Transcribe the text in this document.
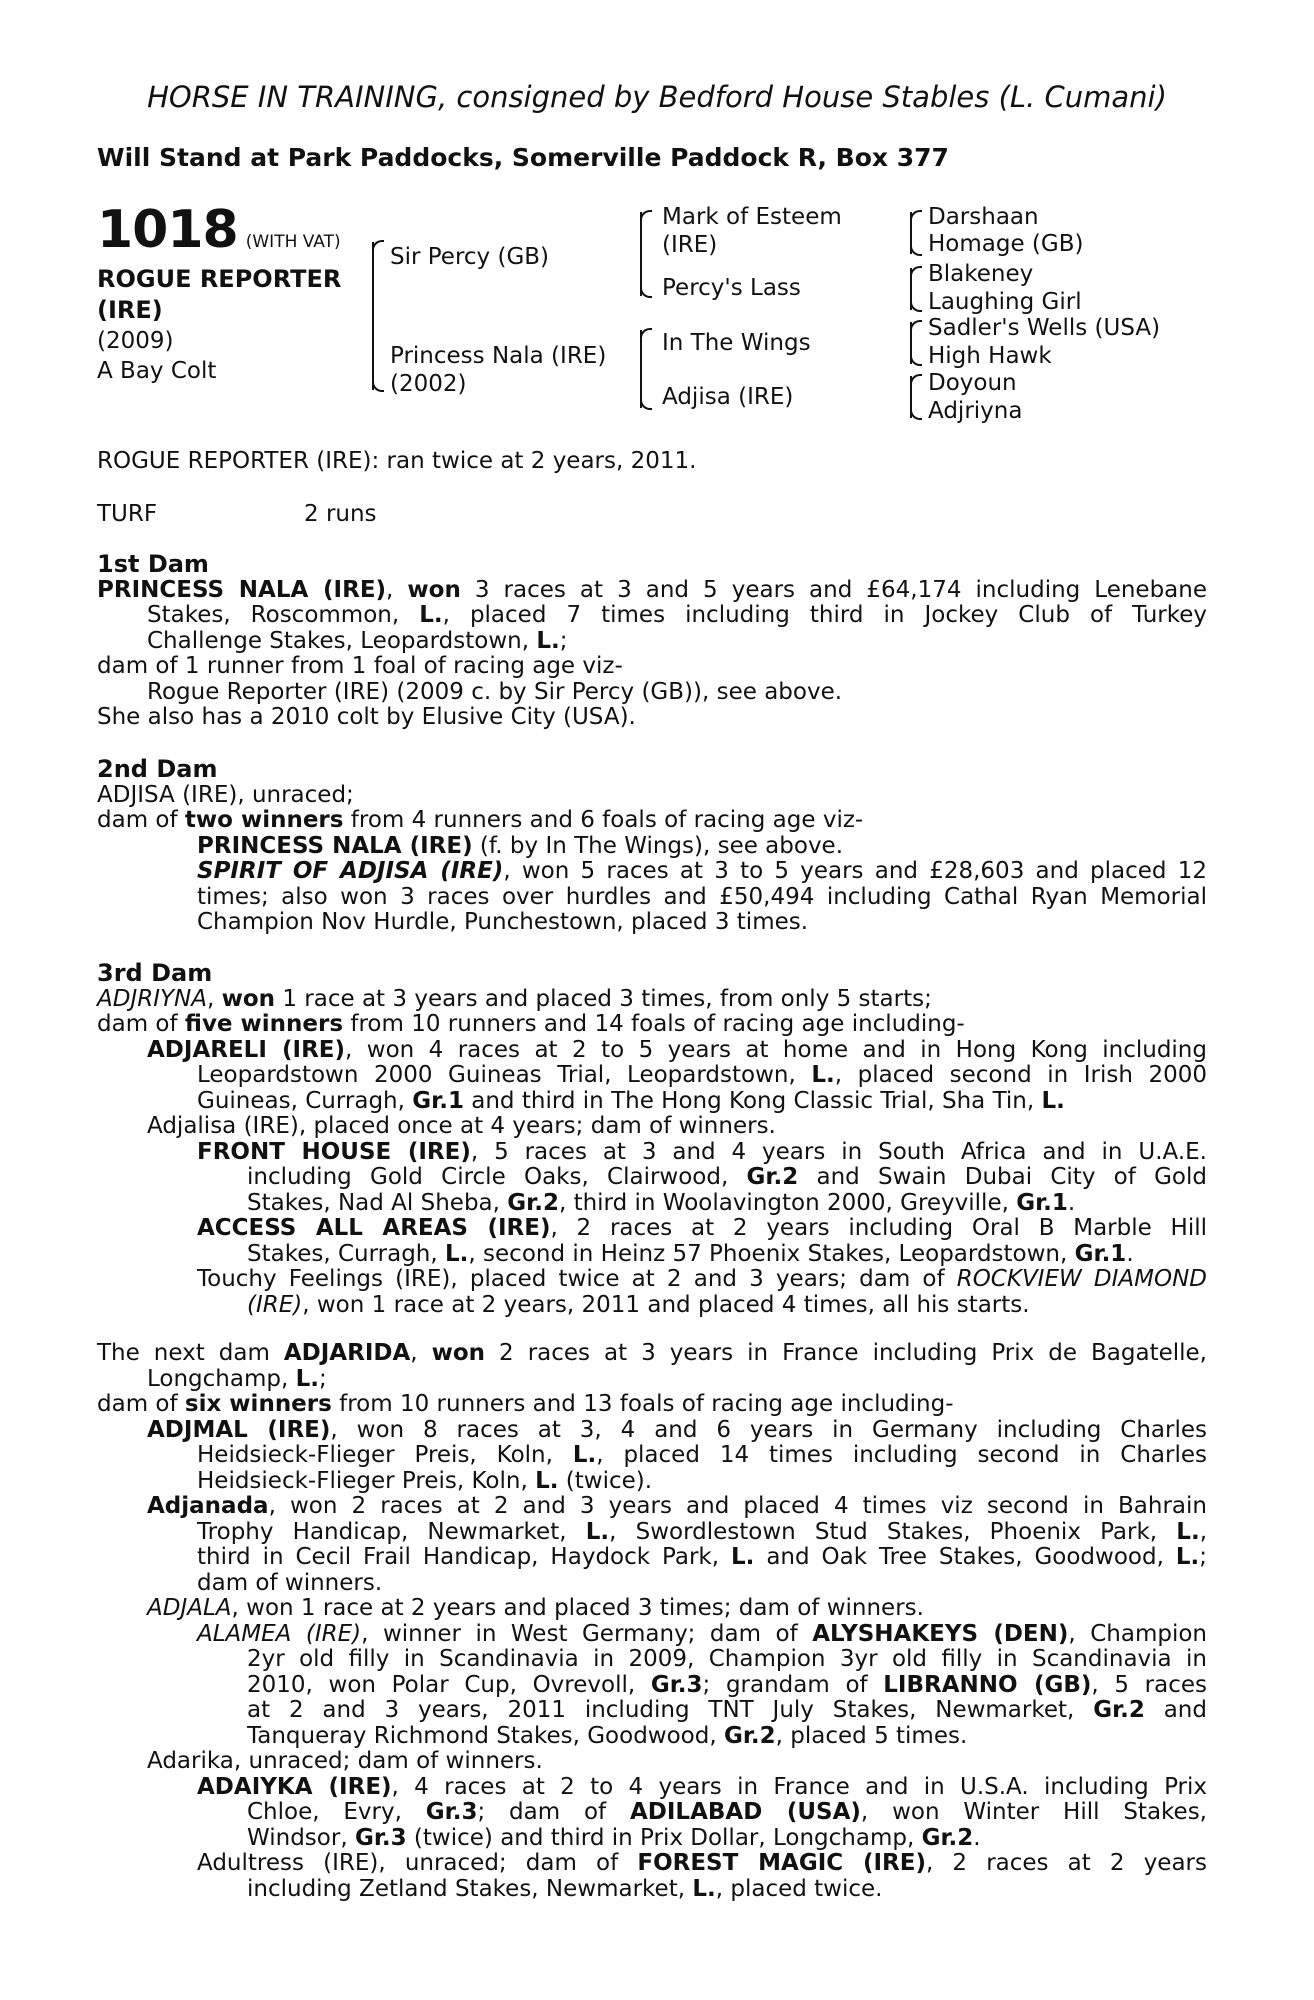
HORSE IN TRAINING, consigned by Bedford House Stables (L. Cumani)
Will Stand at Park Paddocks, Somerville Paddock R, Box 377
1018 (WITH VAT)
ROGUE REPORTER
(IRE)
(2009)
A Bay Colt
Sir Percy (GB)
Princess Nala (IRE)
(2002)
Mark of Esteem
(IRE)
Percy's Lass
In The Wings
Adjisa (IRE)
Darshaan
Homage (GB)
Blakeney
Laughing Girl
Sadler's Wells (USA)
High Hawk
Doyoun
Adjriyna
ROGUE REPORTER (IRE): ran twice at 2 years, 2011.
TURF	2 runs
1st Dam
PRINCESS NALA (IRE), won 3 races at 3 and 5 years and £64,174 including Lenebane
Stakes, Roscommon, L., placed 7 times including third in Jockey Club of Turkey
Challenge Stakes, Leopardstown, L.;
dam of 1 runner from 1 foal of racing age viz-
Rogue Reporter (IRE) (2009 c. by Sir Percy (GB)), see above.
She also has a 2010 colt by Elusive City (USA).
2nd Dam
ADJISA (IRE), unraced;
dam of two winners from 4 runners and 6 foals of racing age viz-
PRINCESS NALA (IRE) (f. by In The Wings), see above.
SPIRIT OF ADJISA (IRE), won 5 races at 3 to 5 years and £28,603 and placed 12
times; also won 3 races over hurdles and £50,494 including Cathal Ryan Memorial
Champion Nov Hurdle, Punchestown, placed 3 times.
3rd Dam
ADJRIYNA, won 1 race at 3 years and placed 3 times, from only 5 starts;
dam of five winners from 10 runners and 14 foals of racing age including-
ADJARELI (IRE), won 4 races at 2 to 5 years at home and in Hong Kong including
Leopardstown 2000 Guineas Trial, Leopardstown, L., placed second in Irish 2000
Guineas, Curragh, Gr.1 and third in The Hong Kong Classic Trial, Sha Tin, L.
Adjalisa (IRE), placed once at 4 years; dam of winners.
FRONT HOUSE (IRE), 5 races at 3 and 4 years in South Africa and in U.A.E.
including Gold Circle Oaks, Clairwood, Gr.2 and Swain Dubai City of Gold
Stakes, Nad Al Sheba, Gr.2, third in Woolavington 2000, Greyville, Gr.1.
ACCESS ALL AREAS (IRE), 2 races at 2 years including Oral B Marble Hill
Stakes, Curragh, L., second in Heinz 57 Phoenix Stakes, Leopardstown, Gr.1.
Touchy Feelings (IRE), placed twice at 2 and 3 years; dam of ROCKVIEW DIAMOND
(IRE), won 1 race at 2 years, 2011 and placed 4 times, all his starts.
The next dam ADJARIDA, won 2 races at 3 years in France including Prix de Bagatelle,
Longchamp, L.;
dam of six winners from 10 runners and 13 foals of racing age including-
ADJMAL (IRE), won 8 races at 3, 4 and 6 years in Germany including Charles
Heidsieck-Flieger Preis, Koln, L., placed 14 times including second in Charles
Heidsieck-Flieger Preis, Koln, L. (twice).
Adjanada, won 2 races at 2 and 3 years and placed 4 times viz second in Bahrain
Trophy Handicap, Newmarket, L., Swordlestown Stud Stakes, Phoenix Park, L.,
third in Cecil Frail Handicap, Haydock Park, L. and Oak Tree Stakes, Goodwood, L.;
dam of winners.
ADJALA, won 1 race at 2 years and placed 3 times; dam of winners.
ALAMEA (IRE), winner in West Germany; dam of ALYSHAKEYS (DEN), Champion
2yr old filly in Scandinavia in 2009, Champion 3yr old filly in Scandinavia in
2010, won Polar Cup, Ovrevoll, Gr.3; grandam of LIBRANNO (GB), 5 races
at 2 and 3 years, 2011 including TNT July Stakes, Newmarket, Gr.2 and
Tanqueray Richmond Stakes, Goodwood, Gr.2, placed 5 times.
Adarika, unraced; dam of winners.
ADAIYKA (IRE), 4 races at 2 to 4 years in France and in U.S.A. including Prix
Chloe, Evry, Gr.3; dam of ADILABAD (USA), won Winter Hill Stakes,
Windsor, Gr.3 (twice) and third in Prix Dollar, Longchamp, Gr.2.
Adultress (IRE), unraced; dam of FOREST MAGIC (IRE), 2 races at 2 years
including Zetland Stakes, Newmarket, L., placed twice.
